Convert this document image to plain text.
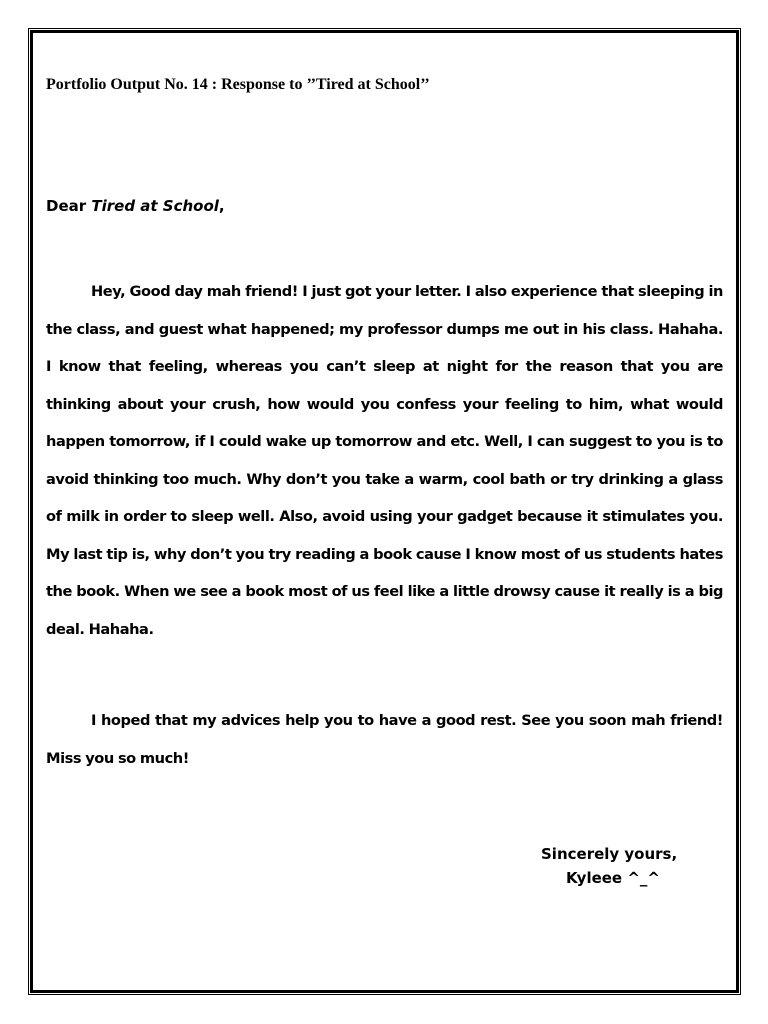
Portfolio Output No. 14 : Response to ’’Tired at School’’
Dear Tired at School,

Hey, Good day mah friend! I just got your letter. I also experience that sleeping in the class, and guest what happened; my professor dumps me out in his class. Hahaha. I know that feeling, whereas you can’t sleep at night for the reason that you are thinking about your crush, how would you confess your feeling to him, what would happen tomorrow, if I could wake up tomorrow and etc. Well, I can suggest to you is to avoid thinking too much. Why don’t you take a warm, cool bath or try drinking a glass of milk in order to sleep well. Also, avoid using your gadget because it stimulates you. My last tip is, why don’t you try reading a book cause I know most of us students hates the book. When we see a book most of us feel like a little drowsy cause it really is a big deal. Hahaha.

I hoped that my advices help you to have a good rest. See you soon mah friend! Miss you so much!

Sincerely yours,
Kyleee ^_^
